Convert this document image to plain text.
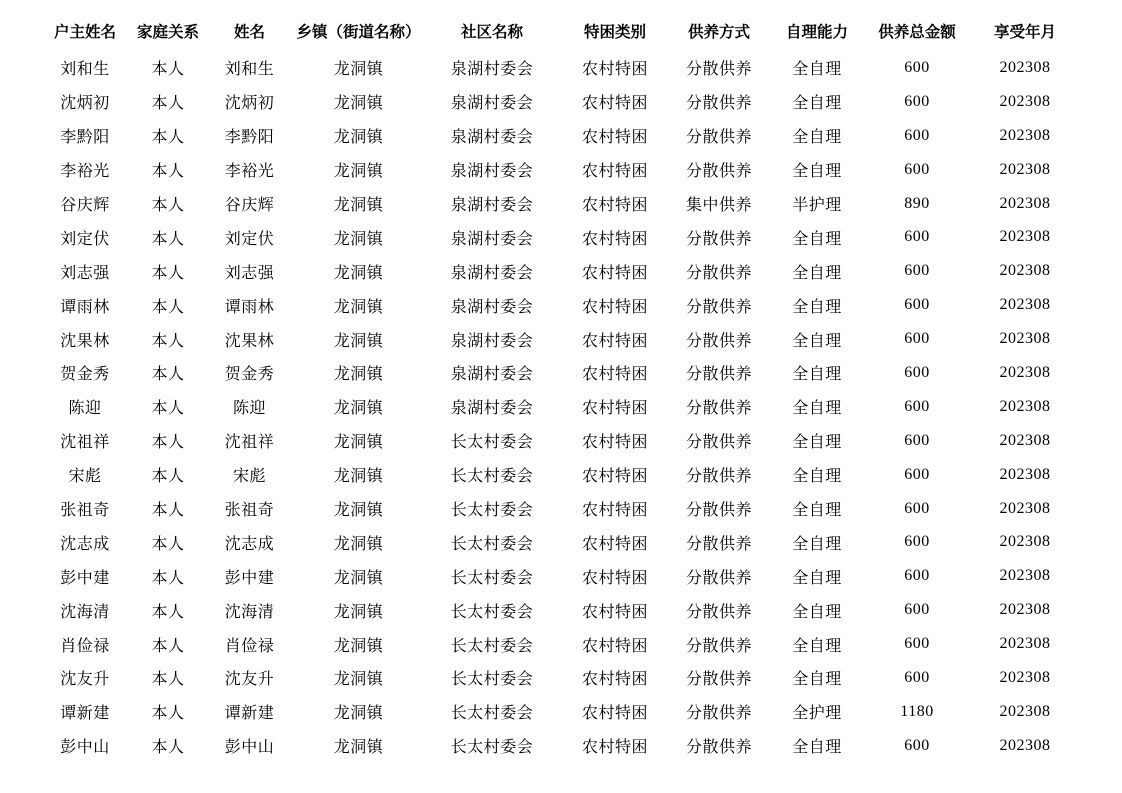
户主姓名	家庭关系	姓名	乡镇（街道名称）	社区名称	特困类别	供养方式	自理能力	供养总金额	享受年月
刘和生	本人	刘和生	龙洞镇	泉湖村委会	农村特困	分散供养	全自理	600	202308
沈炳初	本人	沈炳初	龙洞镇	泉湖村委会	农村特困	分散供养	全自理	600	202308
李黔阳	本人	李黔阳	龙洞镇	泉湖村委会	农村特困	分散供养	全自理	600	202308
李裕光	本人	李裕光	龙洞镇	泉湖村委会	农村特困	分散供养	全自理	600	202308
谷庆辉	本人	谷庆辉	龙洞镇	泉湖村委会	农村特困	集中供养	半护理	890	202308
刘定伏	本人	刘定伏	龙洞镇	泉湖村委会	农村特困	分散供养	全自理	600	202308
刘志强	本人	刘志强	龙洞镇	泉湖村委会	农村特困	分散供养	全自理	600	202308
谭雨林	本人	谭雨林	龙洞镇	泉湖村委会	农村特困	分散供养	全自理	600	202308
沈果林	本人	沈果林	龙洞镇	泉湖村委会	农村特困	分散供养	全自理	600	202308
贺金秀	本人	贺金秀	龙洞镇	泉湖村委会	农村特困	分散供养	全自理	600	202308
陈迎	本人	陈迎	龙洞镇	泉湖村委会	农村特困	分散供养	全自理	600	202308
沈祖祥	本人	沈祖祥	龙洞镇	长太村委会	农村特困	分散供养	全自理	600	202308
宋彪	本人	宋彪	龙洞镇	长太村委会	农村特困	分散供养	全自理	600	202308
张祖奇	本人	张祖奇	龙洞镇	长太村委会	农村特困	分散供养	全自理	600	202308
沈志成	本人	沈志成	龙洞镇	长太村委会	农村特困	分散供养	全自理	600	202308
彭中建	本人	彭中建	龙洞镇	长太村委会	农村特困	分散供养	全自理	600	202308
沈海清	本人	沈海清	龙洞镇	长太村委会	农村特困	分散供养	全自理	600	202308
肖俭禄	本人	肖俭禄	龙洞镇	长太村委会	农村特困	分散供养	全自理	600	202308
沈友升	本人	沈友升	龙洞镇	长太村委会	农村特困	分散供养	全自理	600	202308
谭新建	本人	谭新建	龙洞镇	长太村委会	农村特困	分散供养	全护理	1180	202308
彭中山	本人	彭中山	龙洞镇	长太村委会	农村特困	分散供养	全自理	600	202308
